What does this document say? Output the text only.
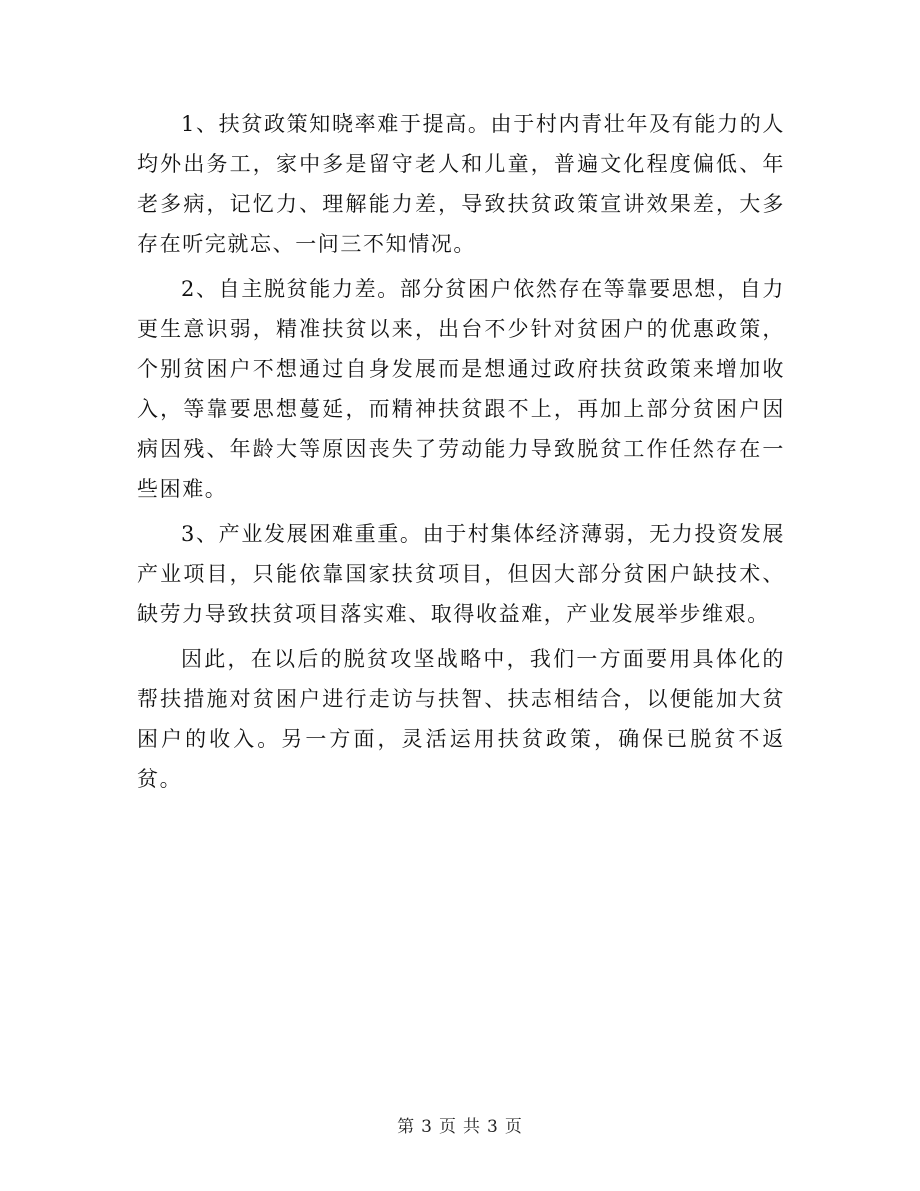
1、扶贫政策知晓率难于提高。由于村内青壮年及有能力的人均外出务工，家中多是留守老人和儿童，普遍文化程度偏低、年老多病，记忆力、理解能力差，导致扶贫政策宣讲效果差，大多存在听完就忘、一问三不知情况。

2、自主脱贫能力差。部分贫困户依然存在等靠要思想，自力更生意识弱，精准扶贫以来，出台不少针对贫困户的优惠政策，个别贫困户不想通过自身发展而是想通过政府扶贫政策来增加收入，等靠要思想蔓延，而精神扶贫跟不上，再加上部分贫困户因病因残、年龄大等原因丧失了劳动能力导致脱贫工作任然存在一些困难。

3、产业发展困难重重。由于村集体经济薄弱，无力投资发展产业项目，只能依靠国家扶贫项目，但因大部分贫困户缺技术、缺劳力导致扶贫项目落实难、取得收益难，产业发展举步维艰。

因此，在以后的脱贫攻坚战略中，我们一方面要用具体化的帮扶措施对贫困户进行走访与扶智、扶志相结合，以便能加大贫困户的收入。另一方面，灵活运用扶贫政策，确保已脱贫不返贫。

第 3 页 共 3 页
